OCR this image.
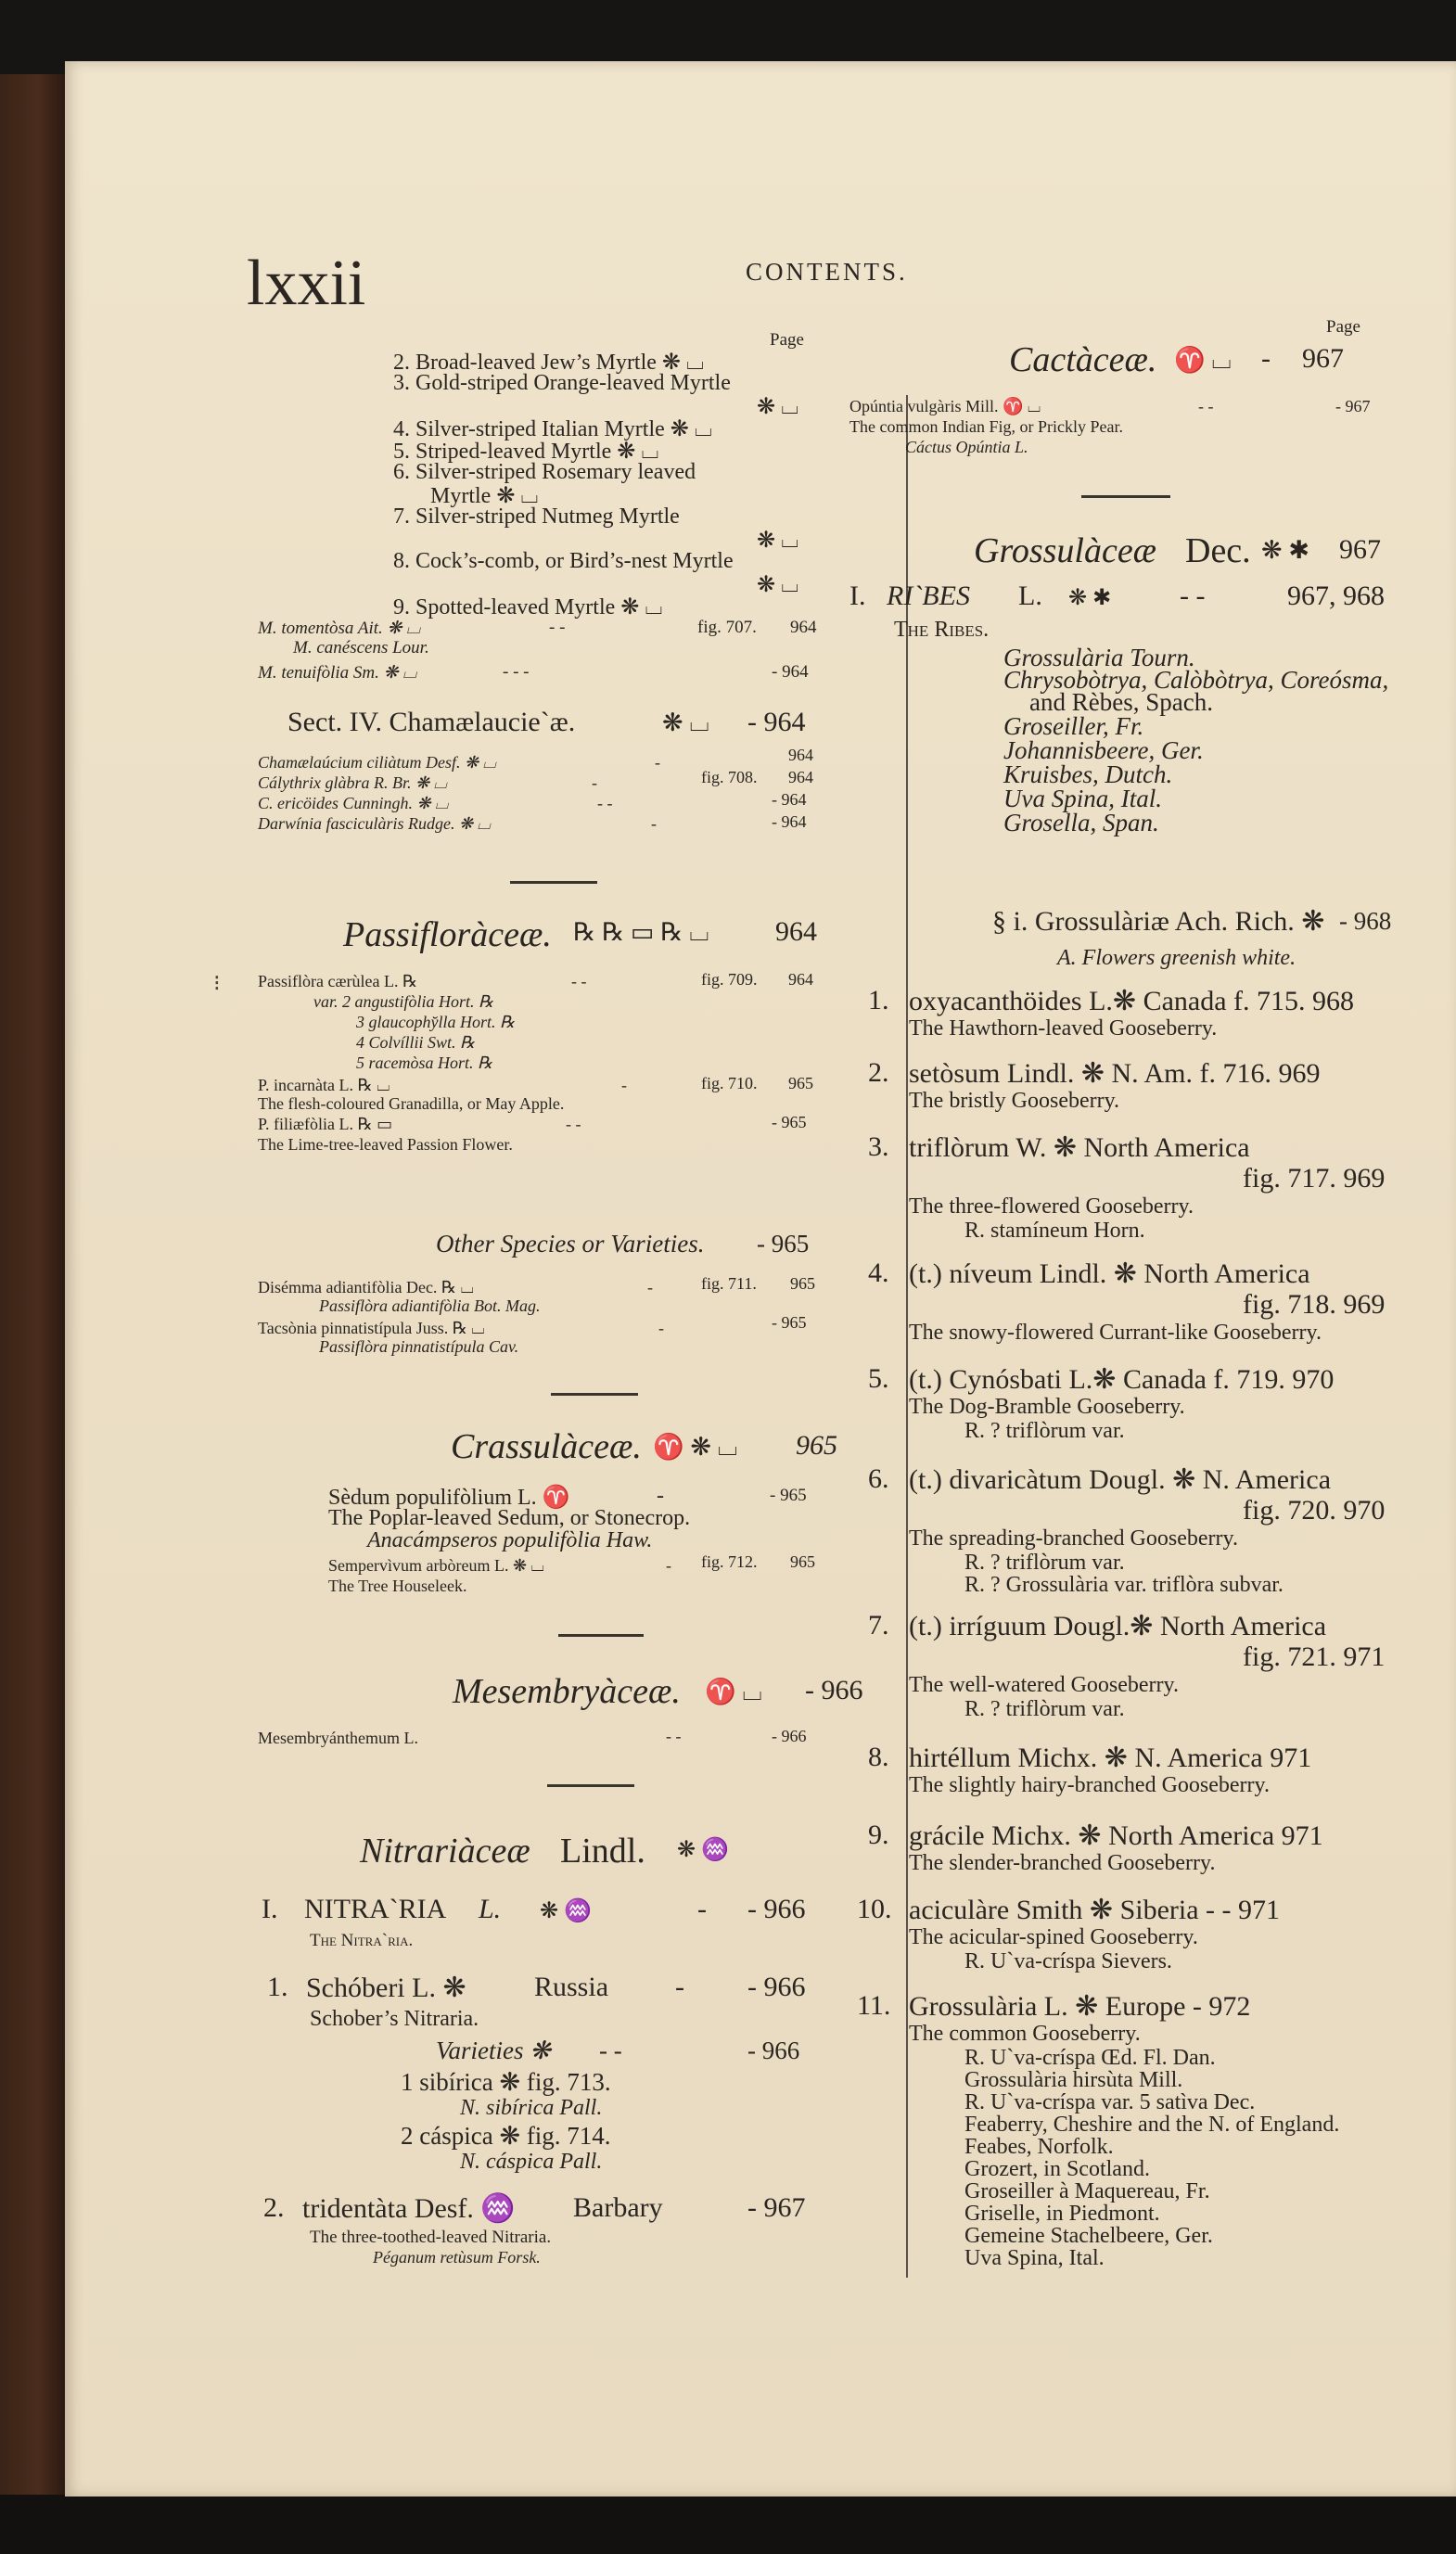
lxxii	CONTENTS.
Page
2. Broad-leaved Jew’s Myrtle ❋ ⌴
3. Gold-striped Orange-leaved Myrtle
❋ ⌴
4. Silver-striped Italian Myrtle ❋ ⌴
5. Striped-leaved Myrtle ❋ ⌴
6. Silver-striped Rosemary leaved
Myrtle ❋ ⌴
7. Silver-striped Nutmeg Myrtle
❋ ⌴
8. Cock’s-comb, or Bird’s-nest Myrtle
❋ ⌴
9. Spotted-leaved Myrtle ❋ ⌴
M. tomentòsa Ait. ❋ ⌴	- -	fig. 707. 964
M. canéscens Lour.
M. tenuifòlia Sm. ❋ ⌴	- - -	- 964
Sect. IV. Chamælaucie`æ.	❋ ⌴ - 964
Chamælaúcium ciliàtum Desf. ❋ ⌴	-	964
Cálythrix glàbra R. Br. ❋ ⌴	-	fig. 708. 964
C. ericöides Cunningh. ❋ ⌴	- -	- 964
Darwínia fasciculàris Rudge. ❋ ⌴	-	- 964
Passifloràceæ. ℞ ℞ ▭ ℞ ⌴ 964
Passiflòra cærùlea L. ℞	- -	fig. 709. 964
var. 2 angustifòlia Hort. ℞
3 glaucophy̆lla Hort. ℞
4 Colvíllii Swt. ℞
5 racemòsa Hort. ℞
P. incarnàta L. ℞ ⌴	-	fig. 710. 965
The flesh-coloured Granadilla, or May Apple.
P. filiæfòlia L. ℞ ▭	- -	- 965
The Lime-tree-leaved Passion Flower.
Other Species or Varieties. - 965
Disémma adiantifòlia Dec. ℞ ⌴	-	fig. 711. 965
Passiflòra adiantifòlia Bot. Mag.
Tacsònia pinnatistípula Juss. ℞ ⌴	-	- 965
Passiflòra pinnatistípula Cav.
Crassulàceæ. ♈ ❋ ⌴ 965
Sèdum populifòlium L. ♈	-	- 965
The Poplar-leaved Sedum, or Stonecrop.
Anacámpseros populifòlia Haw.
Sempervìvum arbòreum L. ❋ ⌴	- fig. 712. 965
The Tree Houseleek.
Mesembryàceæ. ♈ ⌴ - 966
Mesembryánthemum L.	- -	- 966
Nitrariàceæ Lindl. ❋ ♒
I. NITRA`RIA L. ❋ ♒	- - 966
The Nitra`ria.
1. Schóberi L. ❋ Russia - - 966
Schober’s Nitraria.
Varieties ❋ - -	- 966
1 sibírica ❋ fig. 713.
N. sibírica Pall.
2 cáspica ❋ fig. 714.
N. cáspica Pall.
2. tridentàta Desf. ♒ Barbary	- 967
The three-toothed-leaved Nitraria.
Péganum retùsum Forsk.
Page
Cactàceæ. ♈ ⌴ - 967
Opúntia vulgàris Mill. ♈ ⌴	- -	- 967
The common Indian Fig, or Prickly Pear.
Cáctus Opúntia L.
Grossulàceæ Dec. ❋ ✱ 967
I. RI`BES L. ❋ ✱ - -	967, 968
The Ribes.
Grossulària Tourn.
Chrysobòtrya, Calòbòtrya, Coreósma,
and Rèbes, Spach.
Groseiller, Fr.
Johannisbeere, Ger.
Kruisbes, Dutch.
Uva Spina, Ital.
Grosella, Span.
§ i. Grossulàriæ Ach. Rich. ❋ - 968
A. Flowers greenish white.
1. oxyacanthöides L.❋ Canada f. 715. 968
The Hawthorn-leaved Gooseberry.
2. setòsum Lindl. ❋ N. Am. f. 716. 969
The bristly Gooseberry.
3. triflòrum W. ❋ North America
fig. 717. 969
The three-flowered Gooseberry.
R. stamíneum Horn.
4. (t.) níveum Lindl. ❋ North America
fig. 718. 969
The snowy-flowered Currant-like Gooseberry.
5. (t.) Cynósbati L.❋ Canada f. 719. 970
The Dog-Bramble Gooseberry.
R. ? triflòrum var.
6. (t.) divaricàtum Dougl. ❋ N. America
fig. 720. 970
The spreading-branched Gooseberry.
R. ? triflòrum var.
R. ? Grossulària var. triflòra subvar.
7. (t.) irríguum Dougl.❋ North America
fig. 721. 971
The well-watered Gooseberry.
R. ? triflòrum var.
8. hirtéllum Michx. ❋ N. America 971
The slightly hairy-branched Gooseberry.
9. grácile Michx. ❋ North America 971
The slender-branched Gooseberry.
10. aciculàre Smith ❋ Siberia - - 971
The acicular-spined Gooseberry.
R. U`va-críspa Sievers.
11. Grossulària L. ❋ Europe - 972
The common Gooseberry.
R. U`va-críspa Œd. Fl. Dan.
Grossulària hirsùta Mill.
R. U`va-críspa var. 5 satìva Dec.
Feaberry, Cheshire and the N. of England.
Feabes, Norfolk.
Grozert, in Scotland.
Groseiller à Maquereau, Fr.
Griselle, in Piedmont.
Gemeine Stachelbeere, Ger.
Uva Spina, Ital.
⁝
